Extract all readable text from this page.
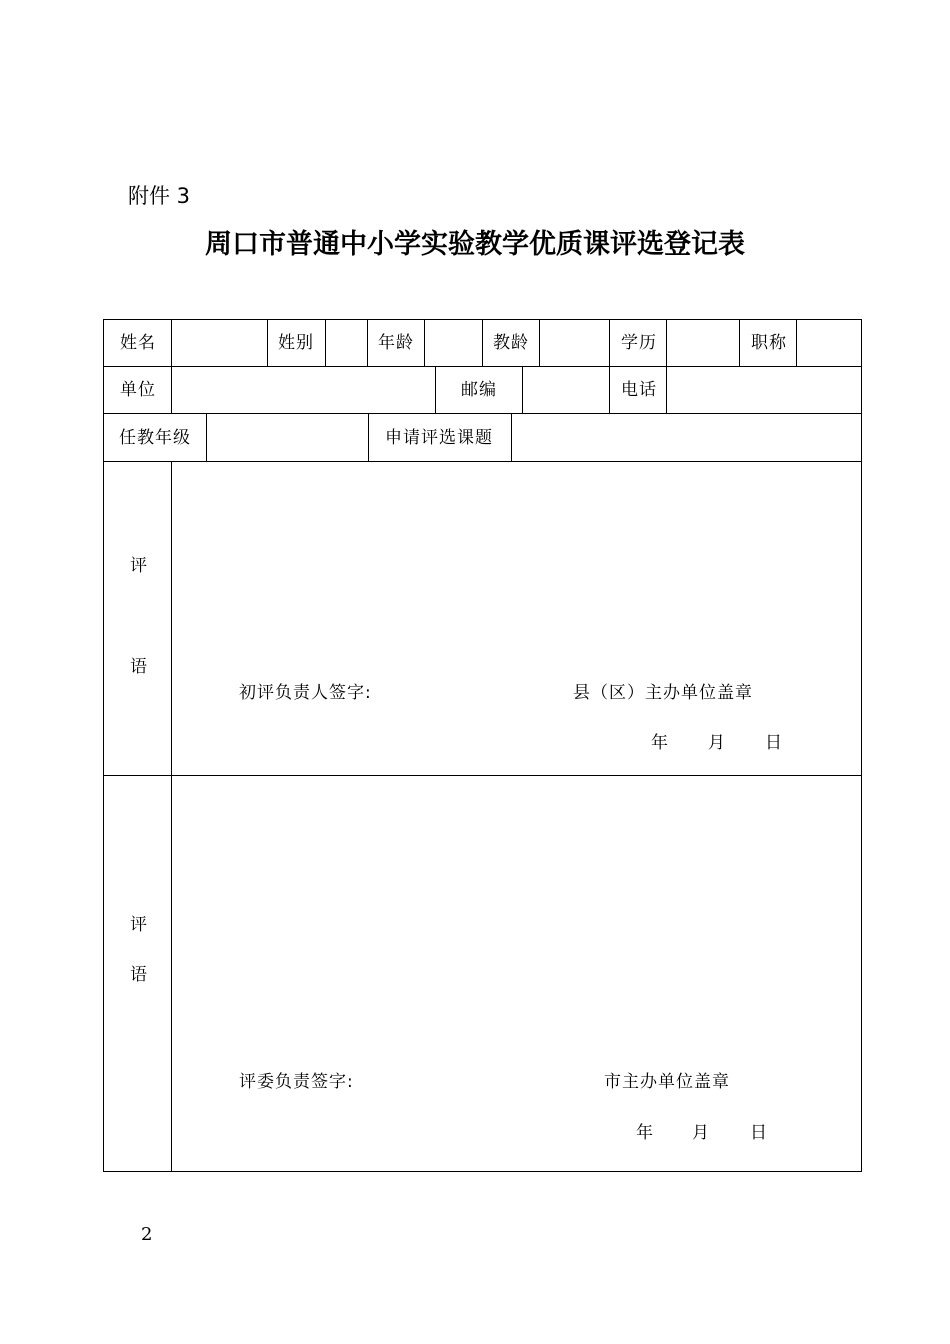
附件 3
周口市普通中小学实验教学优质课评选登记表
姓名	姓别	年龄	教龄	学历	职称
单位	邮编	电话
任教年级	申请评选课题
评
语
初评负责人签字:	县（区）主办单位盖章
年 月 日
评
语
评委负责签字:	市主办单位盖章
年 月 日
2
